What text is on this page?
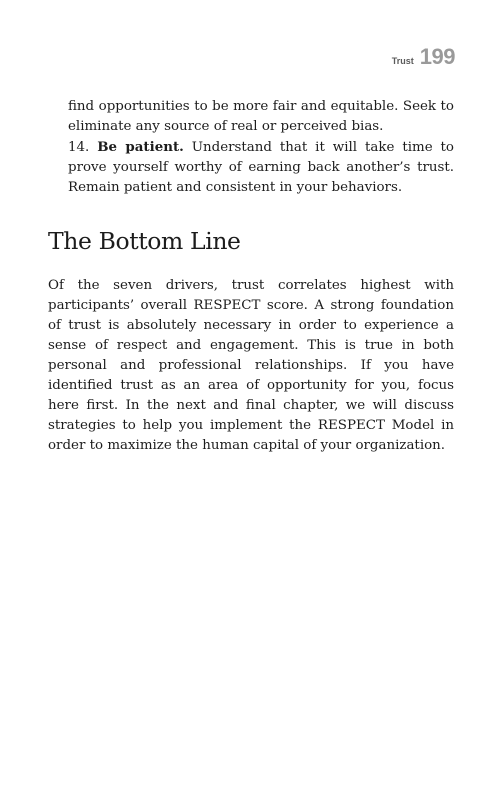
Trust 199

find opportunities to be more fair and equitable. Seek to eliminate any source of real or perceived bias.

14. Be patient. Understand that it will take time to prove yourself worthy of earning back another’s trust. Remain patient and consistent in your behaviors.

The Bottom Line

Of the seven drivers, trust correlates highest with participants’ overall RESPECT score. A strong foundation of trust is absolutely necessary in order to experience a sense of respect and engagement. This is true in both personal and professional relationships. If you have identified trust as an area of opportunity for you, focus here first. In the next and final chapter, we will discuss strategies to help you implement the RESPECT Model in order to maximize the human capital of your organization.
